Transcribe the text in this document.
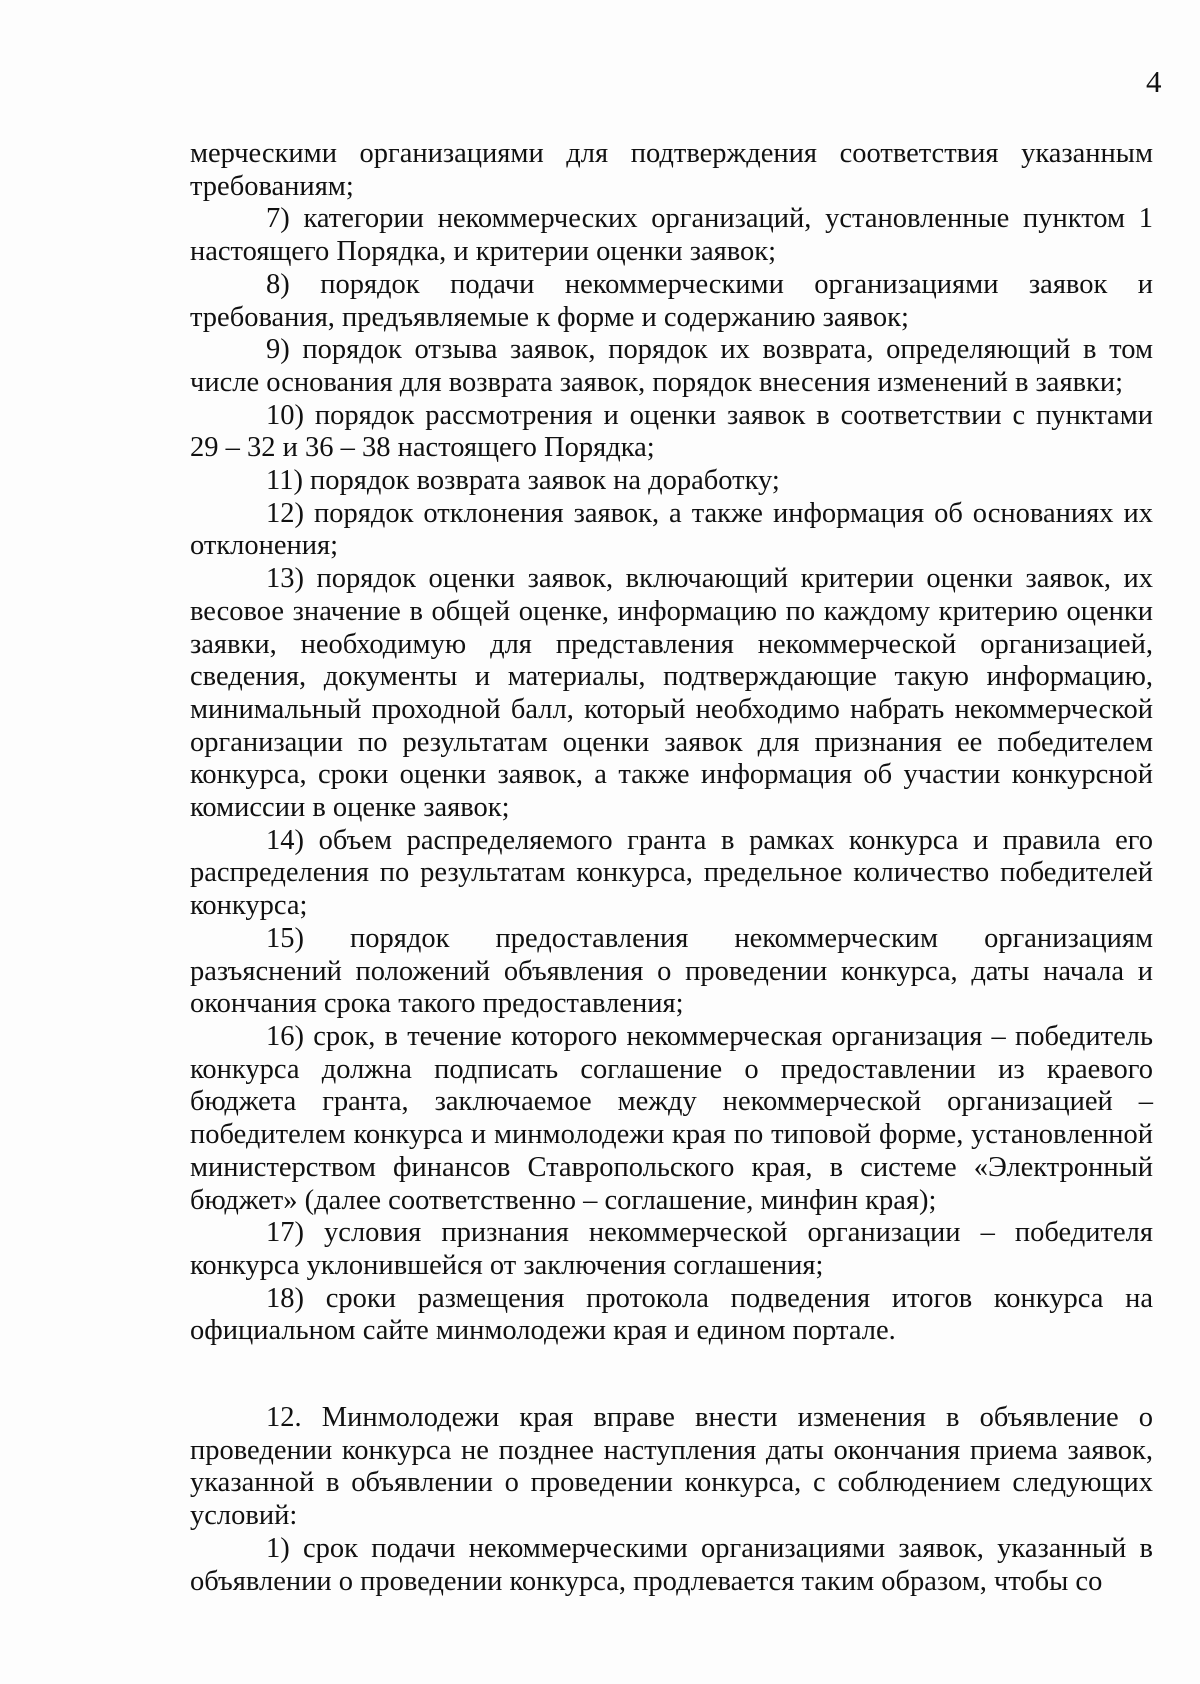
4

мерческими организациями для подтверждения соответствия указанным требованиям;

7) категории некоммерческих организаций, установленные пунктом 1 настоящего Порядка, и критерии оценки заявок;

8) порядок подачи некоммерческими организациями заявок и требования, предъявляемые к форме и содержанию заявок;

9) порядок отзыва заявок, порядок их возврата, определяющий в том числе основания для возврата заявок, порядок внесения изменений в заявки;

10) порядок рассмотрения и оценки заявок в соответствии с пунктами 29 – 32 и 36 – 38 настоящего Порядка;

11) порядок возврата заявок на доработку;

12) порядок отклонения заявок, а также информация об основаниях их отклонения;

13) порядок оценки заявок, включающий критерии оценки заявок, их весовое значение в общей оценке, информацию по каждому критерию оценки заявки, необходимую для представления некоммерческой организацией, сведения, документы и материалы, подтверждающие такую информацию, минимальный проходной балл, который необходимо набрать некоммерческой организации по результатам оценки заявок для признания ее победителем конкурса, сроки оценки заявок, а также информация об участии конкурсной комиссии в оценке заявок;

14) объем распределяемого гранта в рамках конкурса и правила его распределения по результатам конкурса, предельное количество победителей конкурса;

15) порядок предоставления некоммерческим организациям разъяснений положений объявления о проведении конкурса, даты начала и окончания срока такого предоставления;

16) срок, в течение которого некоммерческая организация – победитель конкурса должна подписать соглашение о предоставлении из краевого бюджета гранта, заключаемое между некоммерческой организацией – победителем конкурса и минмолодежи края по типовой форме, установленной министерством финансов Ставропольского края, в системе «Электронный бюджет» (далее соответственно – соглашение, минфин края);

17) условия признания некоммерческой организации – победителя конкурса уклонившейся от заключения соглашения;

18) сроки размещения протокола подведения итогов конкурса на официальном сайте минмолодежи края и едином портале.

12. Минмолодежи края вправе внести изменения в объявление о проведении конкурса не позднее наступления даты окончания приема заявок, указанной в объявлении о проведении конкурса, с соблюдением следующих условий:

1) срок подачи некоммерческими организациями заявок, указанный в объявлении о проведении конкурса, продлевается таким образом, чтобы со
